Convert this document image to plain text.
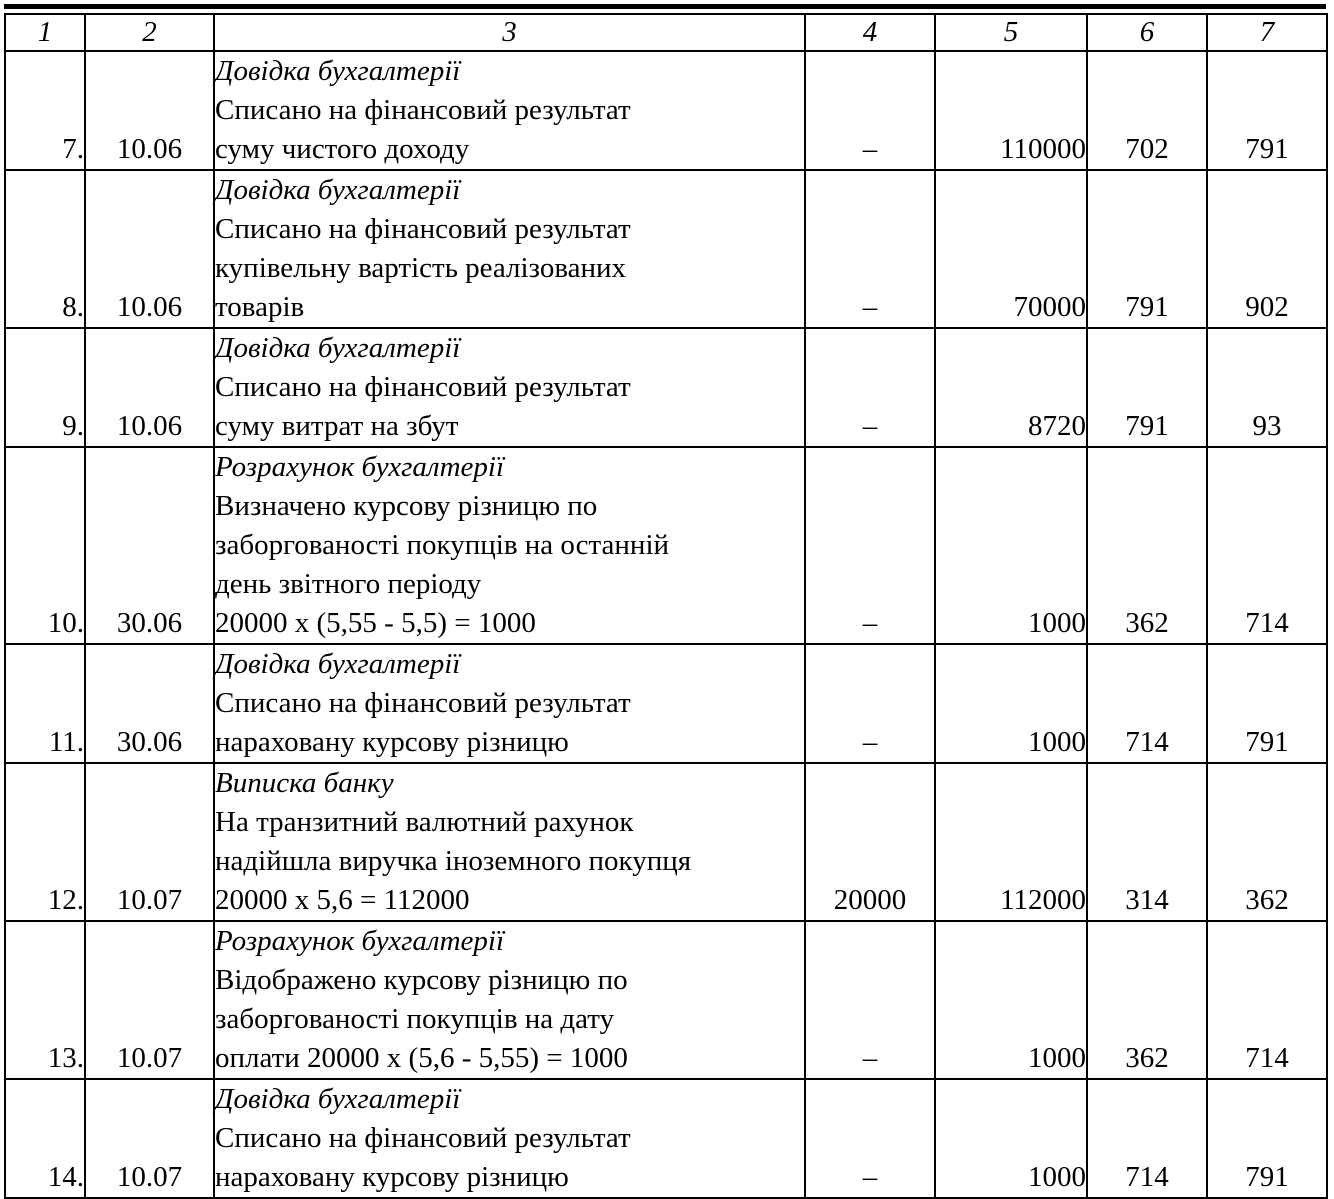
1	2	3	4	5	6	7
7.	10.06	Довідка бухгалтерії
Списано на фінансовий результат
суму чистого доходу	–	110000	702	791
8.	10.06	Довідка бухгалтерії
Списано на фінансовий результат
купівельну вартість реалізованих
товарів	–	70000	791	902
9.	10.06	Довідка бухгалтерії
Списано на фінансовий результат
суму витрат на збут	–	8720	791	93
10.	30.06	Розрахунок бухгалтерії
Визначено курсову різницю по
заборгованості покупців на останній
день звітного періоду
20000 х (5,55 - 5,5) = 1000	–	1000	362	714
11.	30.06	Довідка бухгалтерії
Списано на фінансовий результат
нараховану курсову різницю	–	1000	714	791
12.	10.07	Виписка банку
На транзитний валютний рахунок
надійшла виручка іноземного покупця
20000 х 5,6 = 112000	20000	112000	314	362
13.	10.07	Розрахунок бухгалтерії
Відображено курсову різницю по
заборгованості покупців на дату
оплати 20000 х (5,6 - 5,55) = 1000	–	1000	362	714
14.	10.07	Довідка бухгалтерії
Списано на фінансовий результат
нараховану курсову різницю	–	1000	714	791
